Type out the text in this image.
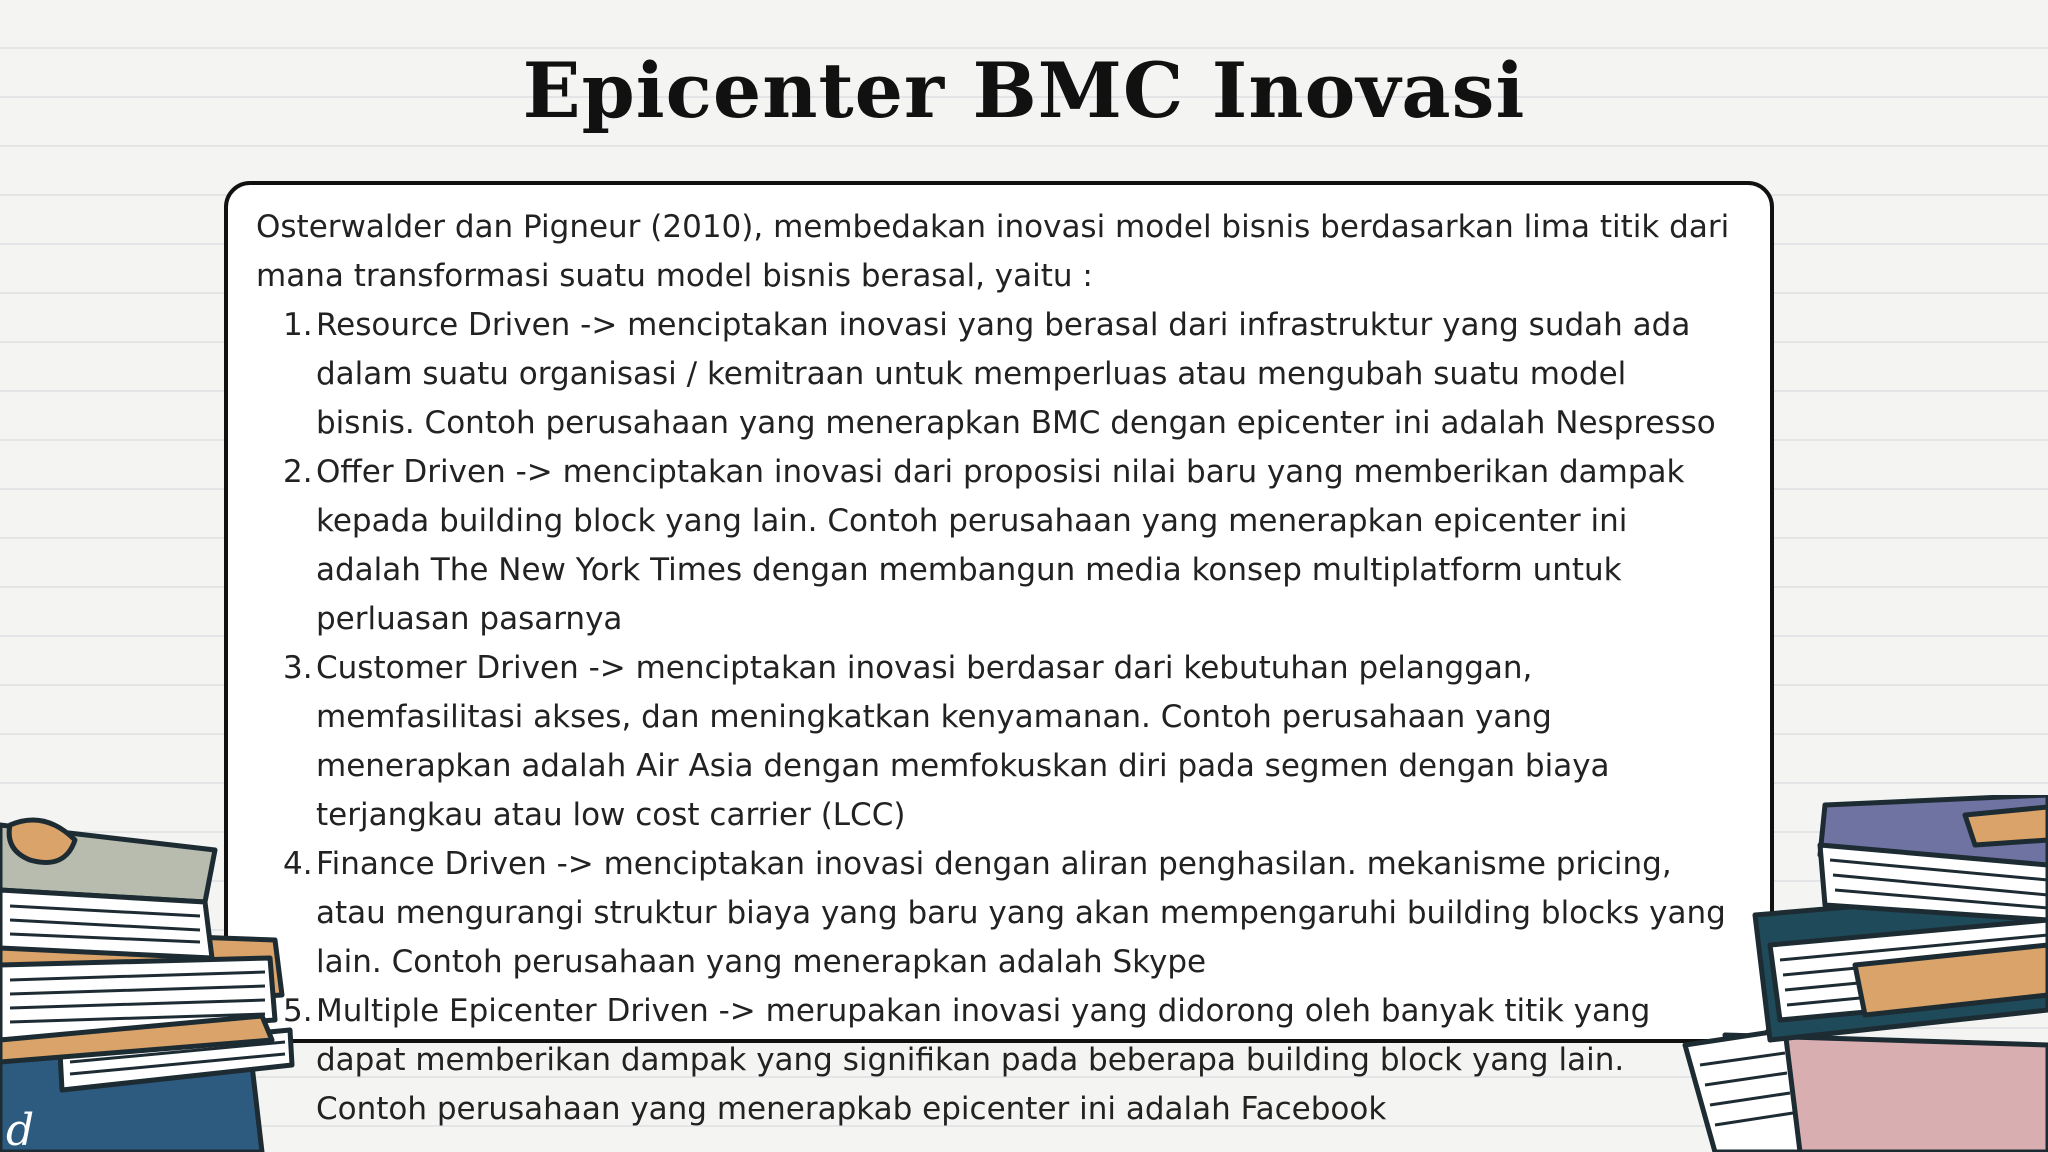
Epicenter BMC Inovasi

Osterwalder dan Pigneur (2010), membedakan inovasi model bisnis berdasarkan lima titik dari mana transformasi suatu model bisnis berasal, yaitu :

Resource Driven -> menciptakan inovasi yang berasal dari infrastruktur yang sudah ada dalam suatu organisasi / kemitraan untuk memperluas atau mengubah suatu model bisnis. Contoh perusahaan yang menerapkan BMC dengan epicenter ini adalah Nespresso
Offer Driven -> menciptakan inovasi dari proposisi nilai baru yang memberikan dampak kepada building block yang lain. Contoh perusahaan yang menerapkan epicenter ini adalah The New York Times dengan membangun media konsep multiplatform untuk perluasan pasarnya
Customer Driven -> menciptakan inovasi berdasar dari kebutuhan pelanggan, memfasilitasi akses, dan meningkatkan kenyamanan. Contoh perusahaan yang menerapkan adalah Air Asia dengan memfokuskan diri pada segmen dengan biaya terjangkau atau low cost carrier (LCC)
Finance Driven -> menciptakan inovasi dengan aliran penghasilan. mekanisme pricing, atau mengurangi struktur biaya yang baru yang akan mempengaruhi building blocks yang lain. Contoh perusahaan yang menerapkan adalah Skype
Multiple Epicenter Driven -> merupakan inovasi yang didorong oleh banyak titik yang dapat memberikan dampak yang signifikan pada beberapa building block yang lain. Contoh perusahaan yang menerapkab epicenter ini adalah Facebook
d
